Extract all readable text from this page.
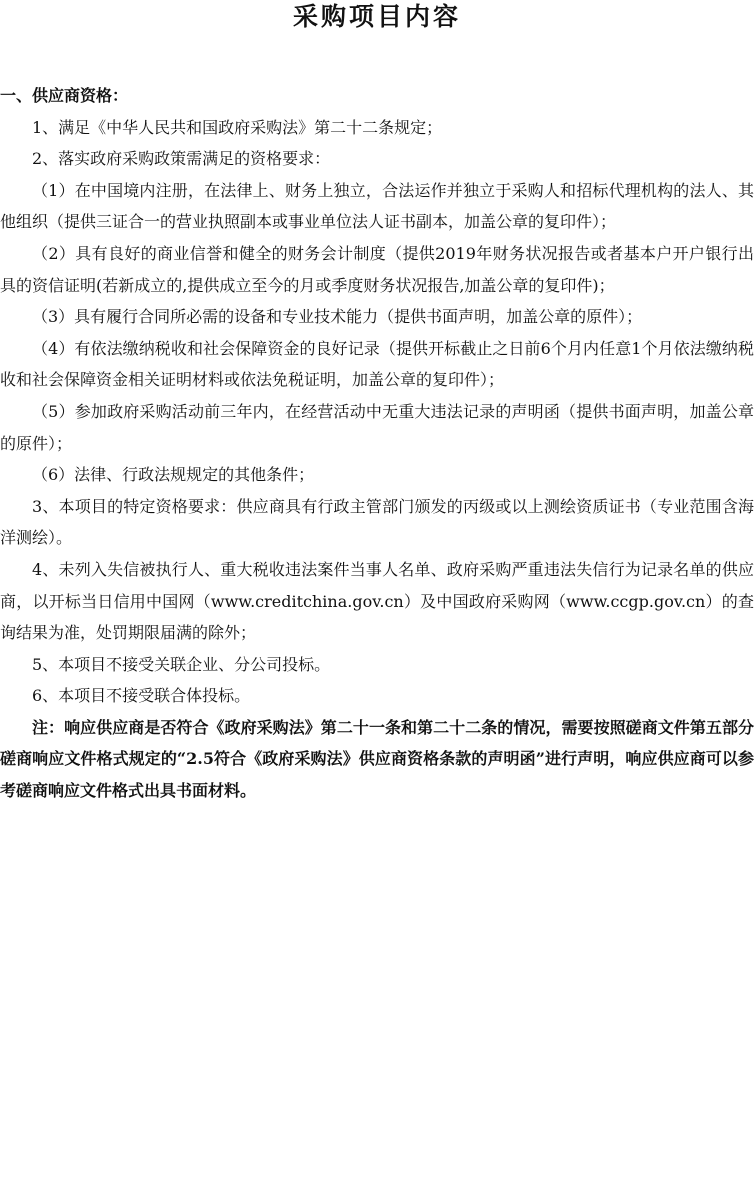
采购项目内容

一、供应商资格：

1、满足《中华人民共和国政府采购法》第二十二条规定；

2、落实政府采购政策需满足的资格要求：

（1）在中国境内注册，在法律上、财务上独立，合法运作并独立于采购人和招标代理机构的法人、其他组织（提供三证合一的营业执照副本或事业单位法人证书副本，加盖公章的复印件）；

（2）具有良好的商业信誉和健全的财务会计制度（提供2019年财务状况报告或者基本户开户银行出具的资信证明(若新成立的,提供成立至今的月或季度财务状况报告,加盖公章的复印件)；

（3）具有履行合同所必需的设备和专业技术能力（提供书面声明，加盖公章的原件）；

（4）有依法缴纳税收和社会保障资金的良好记录（提供开标截止之日前6个月内任意1个月依法缴纳税收和社会保障资金相关证明材料或依法免税证明，加盖公章的复印件）；

（5）参加政府采购活动前三年内，在经营活动中无重大违法记录的声明函（提供书面声明，加盖公章的原件）；

（6）法律、行政法规规定的其他条件；

3、本项目的特定资格要求：供应商具有行政主管部门颁发的丙级或以上测绘资质证书（专业范围含海洋测绘）。

4、未列入失信被执行人、重大税收违法案件当事人名单、政府采购严重违法失信行为记录名单的供应商，以开标当日信用中国网（www.creditchina.gov.cn）及中国政府采购网（www.ccgp.gov.cn）的查询结果为准，处罚期限届满的除外；

5、本项目不接受关联企业、分公司投标。

6、本项目不接受联合体投标。

注：响应供应商是否符合《政府采购法》第二十一条和第二十二条的情况，需要按照磋商文件第五部分磋商响应文件格式规定的“2.5符合《政府采购法》供应商资格条款的声明函”进行声明，响应供应商可以参考磋商响应文件格式出具书面材料。
